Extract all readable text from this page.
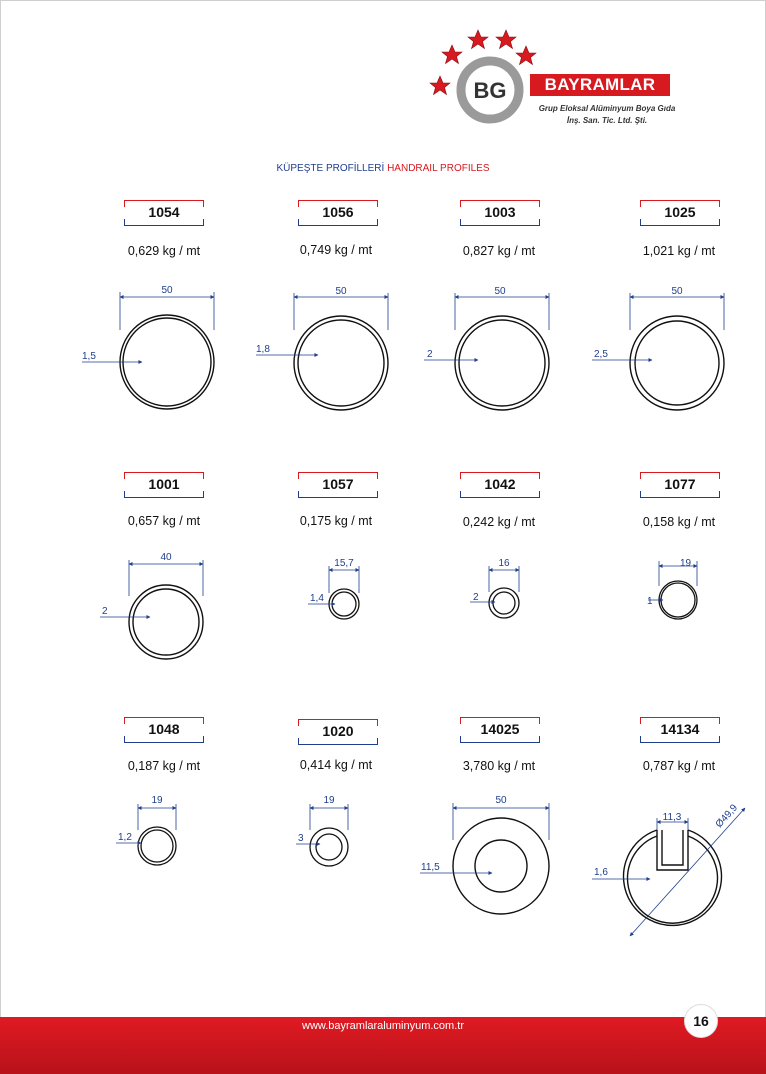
BG	BAYRAMLAR
Grup Eloksal Alüminyum Boya Gıda
İnş. San. Tic. Ltd. Şti.
KÜPEŞTE PROFİLLERİ HANDRAIL PROFILES
1054
0,629 kg / mt
1056
0,749 kg / mt
1003
0,827 kg / mt
1025
1,021 kg / mt
1001
0,657 kg / mt
1057
0,175 kg / mt
1042
0,242 kg / mt
1077
0,158 kg / mt
1048
0,187 kg / mt
1020
0,414 kg / mt
14025
3,780 kg / mt
14134
0,787 kg / mt
50
1,5
50
1,8
50
2
50
2,5
40
2
15,7
1,4
16
2
19
1
19
1,2
19
3
50
11,5
11,3
1,6
Ø49,9
www.bayramlaraluminyum.com.tr	16
